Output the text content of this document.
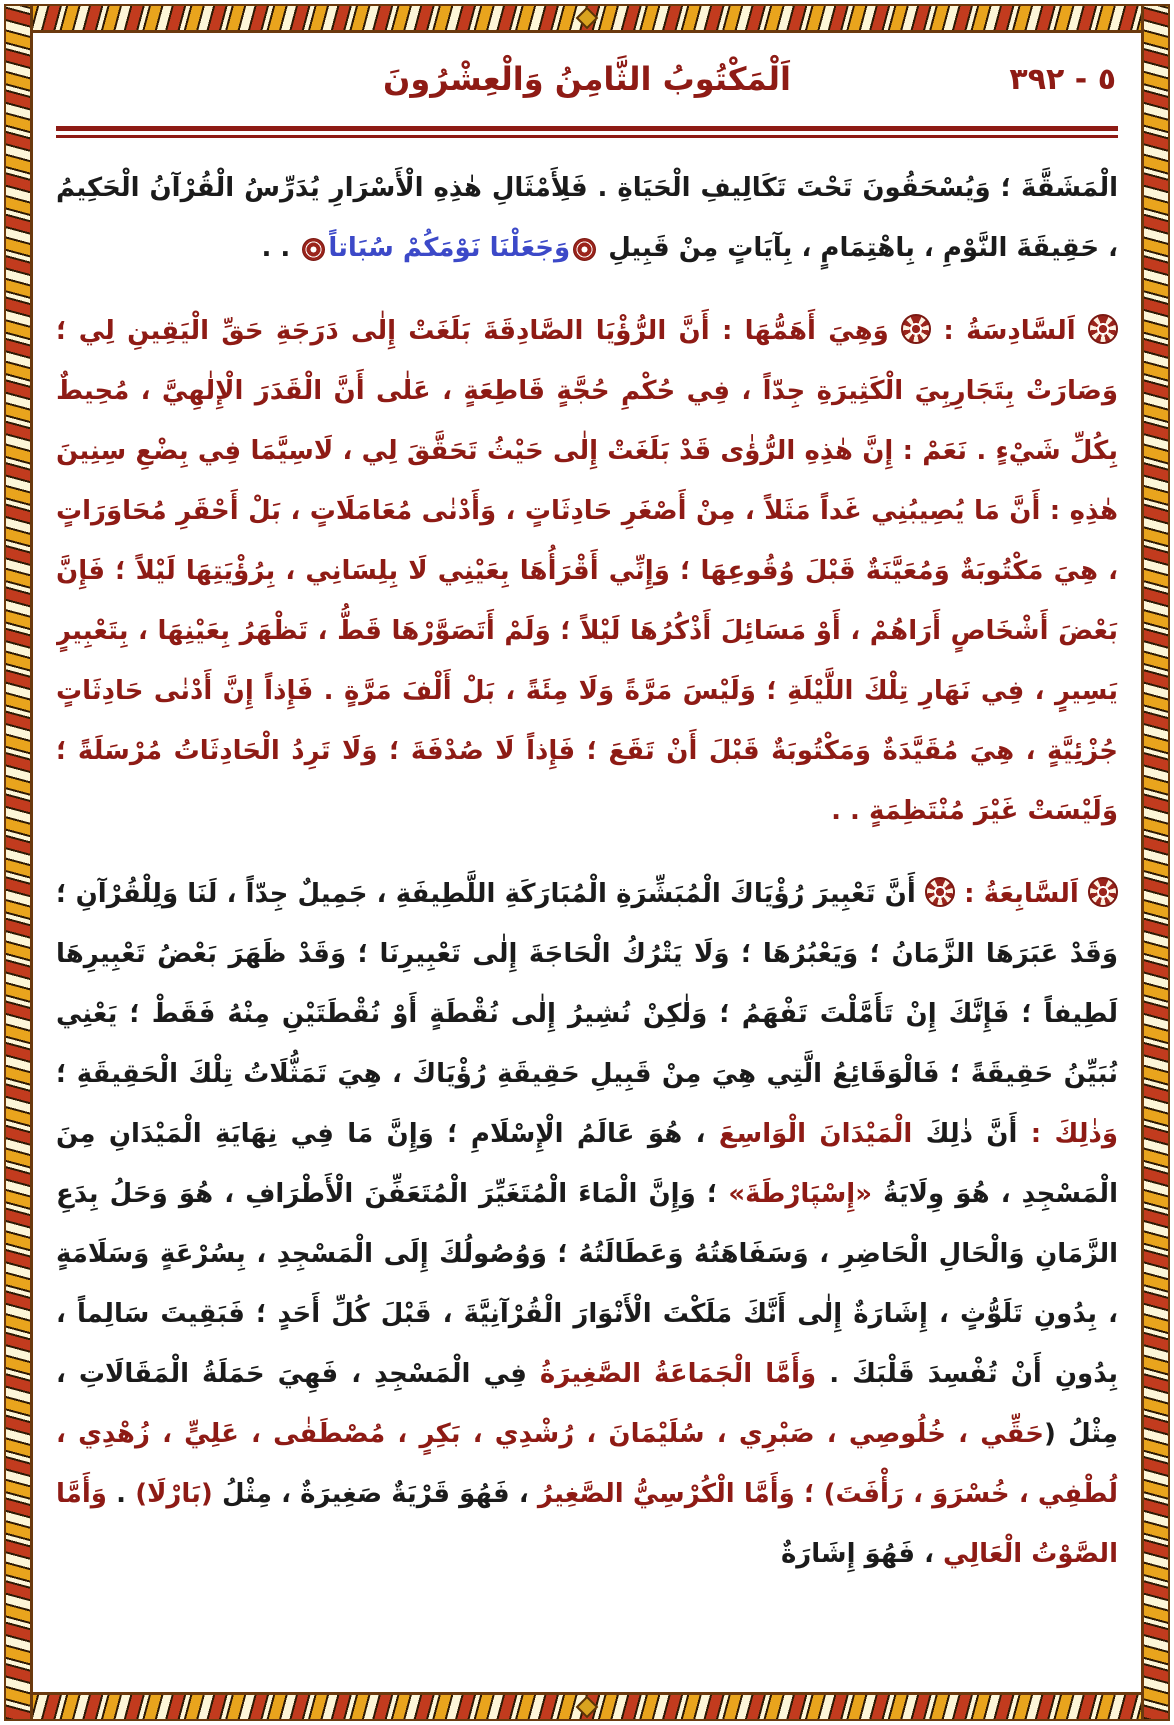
اَلْمَكْتُوبُ الثَّامِنُ وَالْعِشْرُونَ	٥ - ٣٩٢

الْمَشَقَّةَ ؛ وَيُسْحَقُونَ تَحْتَ تَكَالِيفِ الْحَيَاةِ . فَلِأَمْثَالِ هٰذِهِ الْأَسْرَارِ يُدَرِّسُ الْقُرْآنُ الْحَكِيمُ ، حَقِيقَةَ النَّوْمِ ، بِاهْتِمَامٍ ، بِآيَاتٍ مِنْ قَبِيلِ وَجَعَلْنَا نَوْمَكُمْ سُبَاتاً . .

اَلسَّادِسَةُ :  وَهِيَ أَهَمُّهَا : أَنَّ الرُّؤْيَا الصَّادِقَةَ بَلَغَتْ إِلٰى دَرَجَةِ حَقِّ الْيَقِينِ لِي ؛ وَصَارَتْ بِتَجَارِبِيَ الْكَثِيرَةِ جِدّاً ، فِي حُكْمِ حُجَّةٍ قَاطِعَةٍ ، عَلٰى أَنَّ الْقَدَرَ الْإِلٰهِيَّ ، مُحِيطٌ بِكُلِّ شَيْءٍ . نَعَمْ : إِنَّ هٰذِهِ الرُّؤٰى قَدْ بَلَغَتْ إِلٰى حَيْثُ تَحَقَّقَ لِي ، لَاسِيَّمَا فِي بِضْعِ سِنِينَ هٰذِهِ : أَنَّ مَا يُصِيبُنِي غَداً مَثَلاً ، مِنْ أَصْغَرِ حَادِثَاتٍ ، وَأَدْنٰى مُعَامَلَاتٍ ، بَلْ أَحْقَرِ مُحَاوَرَاتٍ ، هِيَ مَكْتُوبَةٌ وَمُعَيَّنَةٌ قَبْلَ وُقُوعِهَا ؛ وَإِنِّي أَقْرَأُهَا بِعَيْنِي لَا بِلِسَانِي ، بِرُؤْيَتِهَا لَيْلاً ؛ فَإِنَّ بَعْضَ أَشْخَاصٍ أَرَاهُمْ ، أَوْ مَسَائِلَ أَذْكُرُهَا لَيْلاً ؛ وَلَمْ أَتَصَوَّرْهَا قَطُّ ، تَظْهَرُ بِعَيْنِهَا ، بِتَعْبِيرٍ يَسِيرٍ ، فِي نَهَارِ تِلْكَ اللَّيْلَةِ ؛ وَلَيْسَ مَرَّةً وَلَا مِئَةً ، بَلْ أَلْفَ مَرَّةٍ . فَإِذاً إِنَّ أَدْنٰى حَادِثَاتٍ جُزْئِيَّةٍ ، هِيَ مُقَيَّدَةٌ وَمَكْتُوبَةٌ قَبْلَ أَنْ تَقَعَ ؛ فَإِذاً لَا صُدْفَةَ ؛ وَلَا تَرِدُ الْحَادِثَاتُ مُرْسَلَةً ؛ وَلَيْسَتْ غَيْرَ مُنْتَظِمَةٍ . .

اَلسَّابِعَةُ :  أَنَّ تَعْبِيرَ رُؤْيَاكَ الْمُبَشِّرَةِ الْمُبَارَكَةِ اللَّطِيفَةِ ، جَمِيلٌ جِدّاً ، لَنَا وَلِلْقُرْآنِ ؛ وَقَدْ عَبَرَهَا الزَّمَانُ ؛ وَيَعْبُرُهَا ؛ وَلَا يَتْرُكُ الْحَاجَةَ إِلٰى تَعْبِيرِنَا ؛ وَقَدْ ظَهَرَ بَعْضُ تَعْبِيرِهَا لَطِيفاً ؛ فَإِنَّكَ إِنْ تَأَمَّلْتَ تَفْهَمُ ؛ وَلٰكِنْ نُشِيرُ إِلٰى نُقْطَةٍ أَوْ نُقْطَتَيْنِ مِنْهُ فَقَطْ ؛ يَعْنِي نُبَيِّنُ حَقِيقَةً ؛ فَالْوَقَائِعُ الَّتِي هِيَ مِنْ قَبِيلِ حَقِيقَةِ رُؤْيَاكَ ، هِيَ تَمَثُّلَاتُ تِلْكَ الْحَقِيقَةِ ؛ وَذٰلِكَ : أَنَّ ذٰلِكَ الْمَيْدَانَ الْوَاسِعَ ، هُوَ عَالَمُ الْإِسْلَامِ ؛ وَإِنَّ مَا فِي نِهَايَةِ الْمَيْدَانِ مِنَ الْمَسْجِدِ ، هُوَ وِلَايَةُ «إِسْپَارْطَةَ» ؛ وَإِنَّ الْمَاءَ الْمُتَغَيِّرَ الْمُتَعَفِّنَ الْأَطْرَافِ ، هُوَ وَحَلُ بِدَعِ الزَّمَانِ وَالْحَالِ الْحَاضِرِ ، وَسَفَاهَتُهُ وَعَطَالَتُهُ ؛ وَوُصُولُكَ إِلَى الْمَسْجِدِ ، بِسُرْعَةٍ وَسَلَامَةٍ ، بِدُونِ تَلَوُّثٍ ، إِشَارَةٌ إِلٰى أَنَّكَ مَلَكْتَ الْأَنْوَارَ الْقُرْآنِيَّةَ ، قَبْلَ كُلِّ أَحَدٍ ؛ فَبَقِيتَ سَالِماً ، بِدُونِ أَنْ تُفْسِدَ قَلْبَكَ . وَأَمَّا الْجَمَاعَةُ الصَّغِيرَةُ فِي الْمَسْجِدِ ، فَهِيَ حَمَلَةُ الْمَقَالَاتِ ، مِثْلُ (حَقِّي ، خُلُوصِي ، صَبْرِي ، سُلَيْمَانَ ، رُشْدِي ، بَكِرٍ ، مُصْطَفٰى ، عَلِيٍّ ، زُهْدِي ، لُطْفِي ، خُسْرَوَ ، رَأْفَتَ) ؛ وَأَمَّا الْكُرْسِيُّ الصَّغِيرُ ، فَهُوَ قَرْيَةٌ صَغِيرَةٌ ، مِثْلُ (بَارْلَا) . وَأَمَّا الصَّوْتُ الْعَالِي ، فَهُوَ إِشَارَةٌ
